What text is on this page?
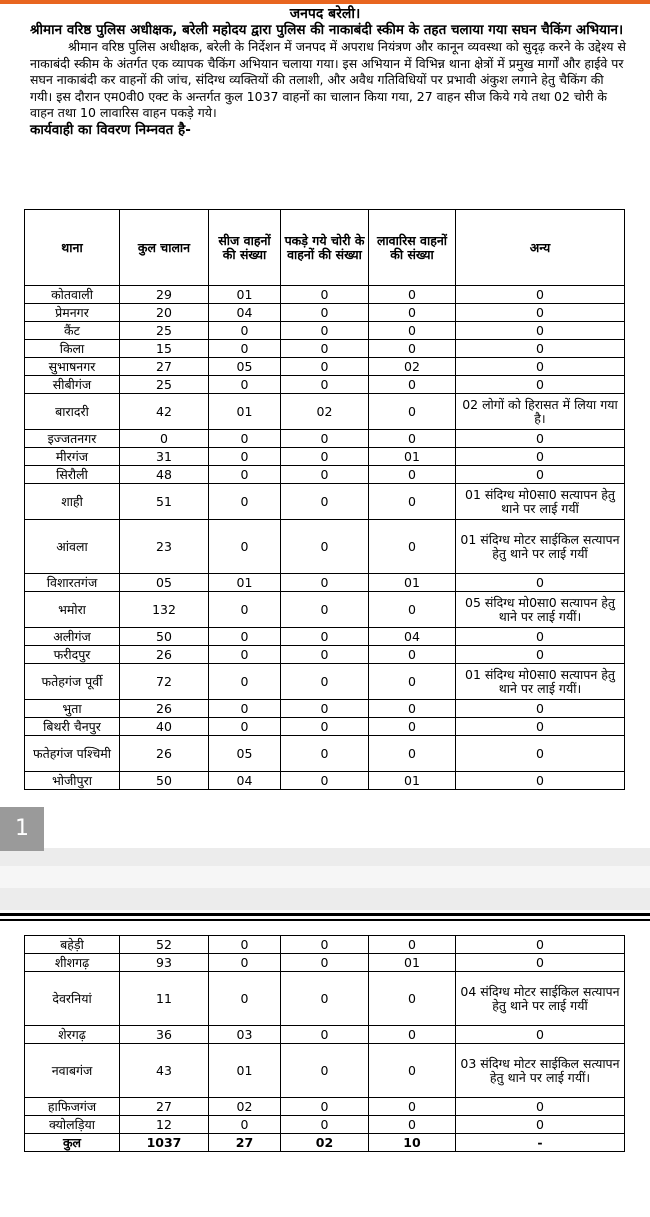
जनपद बरेली।
श्रीमान वरिष्ठ पुलिस अधीक्षक, बरेली महोदय द्वारा पुलिस की नाकाबंदी स्कीम के तहत चलाया गया सघन चैकिंग अभियान।
श्रीमान वरिष्ठ पुलिस अधीक्षक, बरेली के निर्देशन में जनपद में अपराध नियंत्रण और कानून व्यवस्था को सुदृढ़ करने के उद्देश्य से नाकाबंदी स्कीम के अंतर्गत एक व्यापक चैकिंग अभियान चलाया गया। इस अभियान में विभिन्न थाना क्षेत्रों में प्रमुख मार्गों और हाईवे पर सघन नाकाबंदी कर वाहनों की जांच, संदिग्ध व्यक्तियों की तलाशी, और अवैध गतिविधियों पर प्रभावी अंकुश लगाने हेतु चैकिंग की गयी। इस दौरान एम0वी0 एक्ट के अन्तर्गत कुल 1037 वाहनों का चालान किया गया, 27 वाहन सीज किये गये तथा 02 चोरी के वाहन तथा 10 लावारिस वाहन पकड़े गये।
कार्यवाही का विवरण निम्नवत है-
थाना	कुल चालान	सीज वाहनों की संख्या	पकड़े गये चोरी के वाहनों की संख्या	लावारिस वाहनों की संख्या	अन्य
कोतवाली	29	01	0	0	0
प्रेमनगर	20	04	0	0	0
कैंट	25	0	0	0	0
किला	15	0	0	0	0
सुभाषनगर	27	05	0	02	0
सीबीगंज	25	0	0	0	0
बारादरी	42	01	02	0	02 लोगों को हिरासत में लिया गया है।
इज्जतनगर	0	0	0	0	0
मीरगंज	31	0	0	01	0
सिरौली	48	0	0	0	0
शाही	51	0	0	0	01 संदिग्ध मो0सा0 सत्यापन हेतु थाने पर लाई गयीं
आंवला	23	0	0	0	01 संदिग्ध मोटर साईकिल सत्यापन हेतु थाने पर लाई गयीं
विशारतगंज	05	01	0	01	0
भमोरा	132	0	0	0	05 संदिग्ध मो0सा0 सत्यापन हेतु थाने पर लाई गयीं।
अलीगंज	50	0	0	04	0
फरीदपुर	26	0	0	0	0
फतेहगंज पूर्वी	72	0	0	0	01 संदिग्ध मो0सा0 सत्यापन हेतु थाने पर लाई गयीं।
भुता	26	0	0	0	0
बिथरी चैनपुर	40	0	0	0	0
फतेहगंज पश्चिमी	26	05	0	0	0
भोजीपुरा	50	04	0	01	0
1
बहेड़ी	52	0	0	0	0
शीशगढ़	93	0	0	01	0
देवरनियां	11	0	0	0	04 संदिग्ध मोटर साईकिल सत्यापन हेतु थाने पर लाई गयीं
शेरगढ़	36	03	0	0	0
नवाबगंज	43	01	0	0	03 संदिग्ध मोटर साईकिल सत्यापन हेतु थाने पर लाई गयीं।
हाफिजगंज	27	02	0	0	0
क्योलड़िया	12	0	0	0	0
कुल	1037	27	02	10	-
